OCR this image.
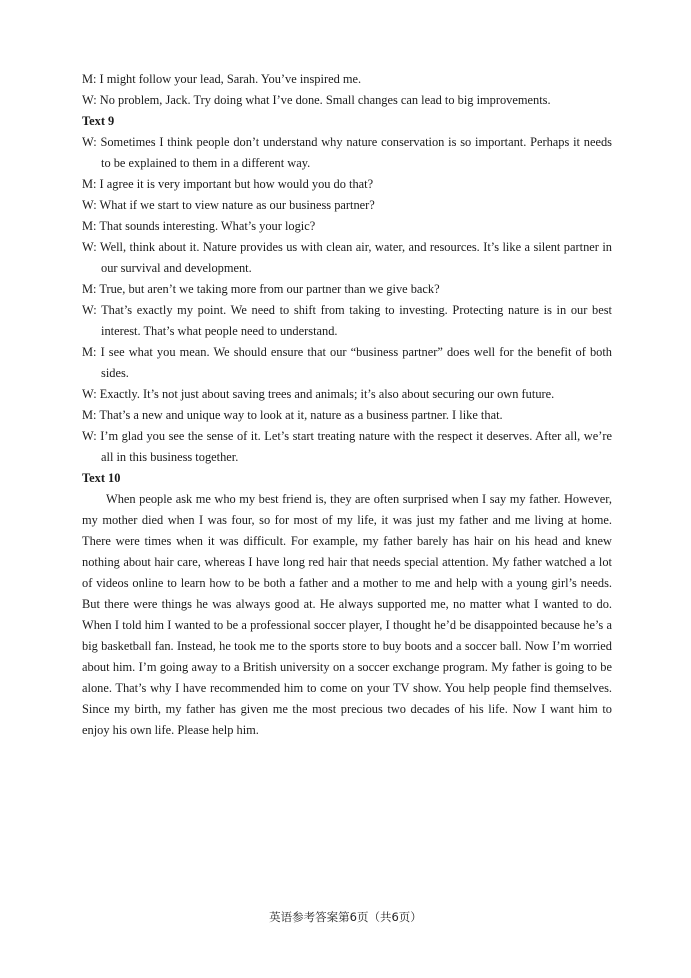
M: I might follow your lead, Sarah. You’ve inspired me.

W: No problem, Jack. Try doing what I’ve done. Small changes can lead to big improvements.

Text 9

W: Sometimes I think people don’t understand why nature conservation is so important. Perhaps it needs to be explained to them in a different way.

M: I agree it is very important but how would you do that?

W: What if we start to view nature as our business partner?

M: That sounds interesting. What’s your logic?

W: Well, think about it. Nature provides us with clean air, water, and resources. It’s like a silent partner in our survival and development.

M: True, but aren’t we taking more from our partner than we give back?

W: That’s exactly my point. We need to shift from taking to investing. Protecting nature is in our best interest. That’s what people need to understand.

M: I see what you mean. We should ensure that our “business partner” does well for the benefit of both sides.

W: Exactly. It’s not just about saving trees and animals; it’s also about securing our own future.

M: That’s a new and unique way to look at it, nature as a business partner. I like that.

W: I’m glad you see the sense of it. Let’s start treating nature with the respect it deserves. After all, we’re all in this business together.

Text 10

When people ask me who my best friend is, they are often surprised when I say my father. However, my mother died when I was four, so for most of my life, it was just my father and me living at home. There were times when it was difficult. For example, my father barely has hair on his head and knew nothing about hair care, whereas I have long red hair that needs special attention. My father watched a lot of videos online to learn how to be both a father and a mother to me and help with a young girl’s needs. But there were things he was always good at. He always supported me, no matter what I wanted to do. When I told him I wanted to be a professional soccer player, I thought he’d be disappointed because he’s a big basketball fan. Instead, he took me to the sports store to buy boots and a soccer ball. Now I’m worried about him. I’m going away to a British university on a soccer exchange program. My father is going to be alone. That’s why I have recommended him to come on your TV show. You help people find themselves. Since my birth, my father has given me the most precious two decades of his life. Now I want him to enjoy his own life. Please help him.

英语参考答案第6页（共6页）
